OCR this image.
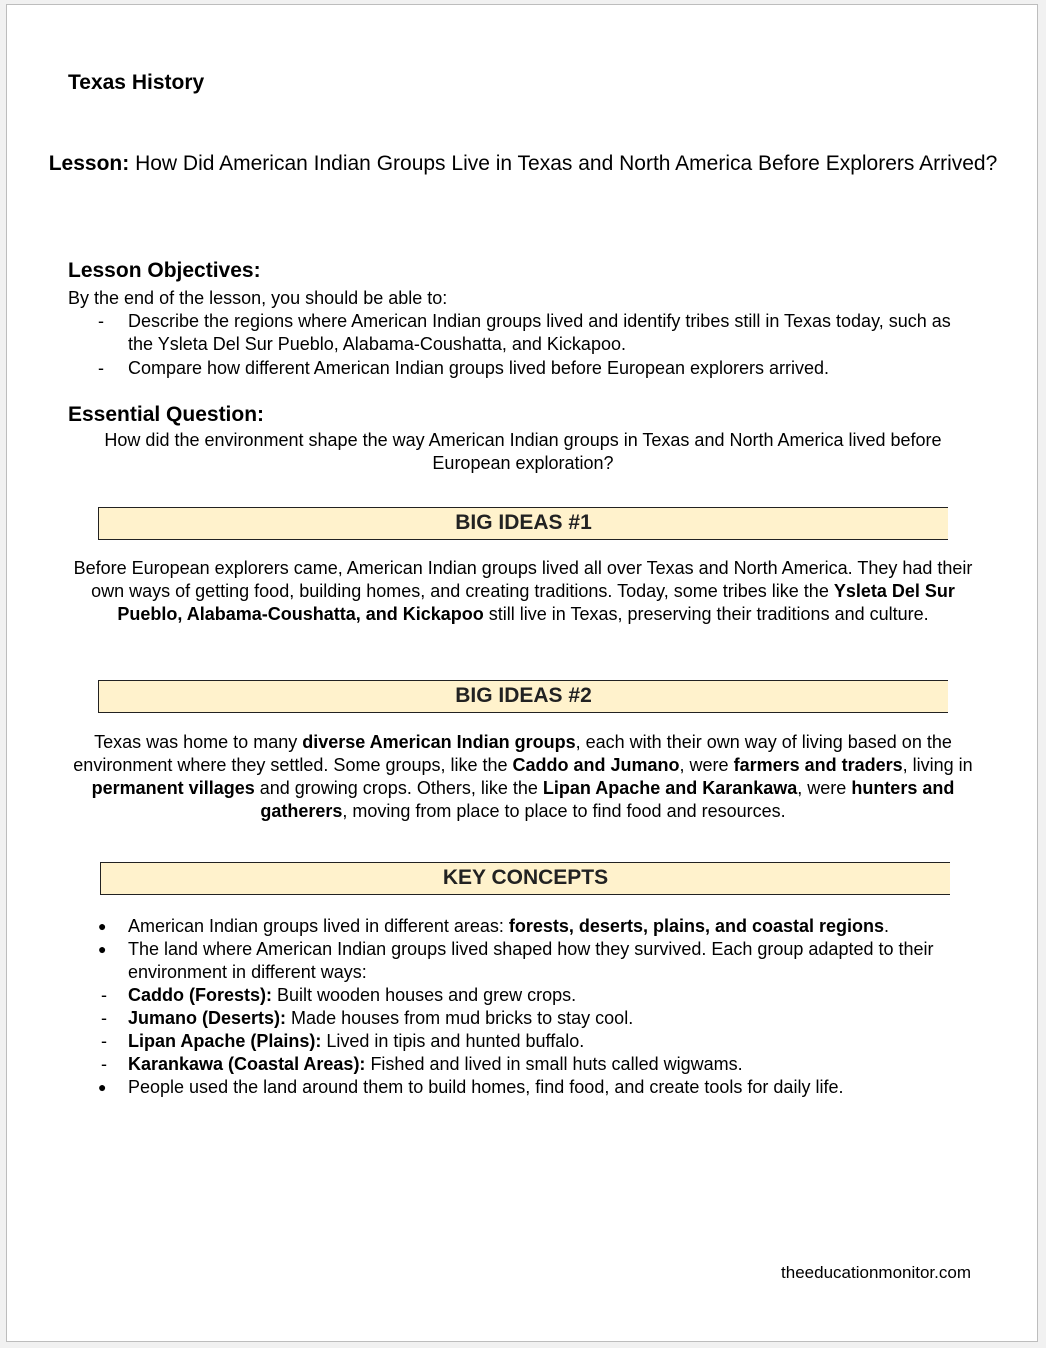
Texas History
Lesson: How Did American Indian Groups Live in Texas and North America Before Explorers Arrived?
Lesson Objectives:
By the end of the lesson, you should be able to:
- Describe the regions where American Indian groups lived and identify tribes still in Texas today, such as the Ysleta Del Sur Pueblo, Alabama-Coushatta, and Kickapoo.
- Compare how different American Indian groups lived before European explorers arrived.
Essential Question:
How did the environment shape the way American Indian groups in Texas and North America lived before European exploration?
BIG IDEAS #1
Before European explorers came, American Indian groups lived all over Texas and North America. They had their own ways of getting food, building homes, and creating traditions. Today, some tribes like the Ysleta Del Sur Pueblo, Alabama-Coushatta, and Kickapoo still live in Texas, preserving their traditions and culture.
BIG IDEAS #2
Texas was home to many diverse American Indian groups, each with their own way of living based on the environment where they settled. Some groups, like the Caddo and Jumano, were farmers and traders, living in permanent villages and growing crops. Others, like the Lipan Apache and Karankawa, were hunters and gatherers, moving from place to place to find food and resources.
KEY CONCEPTS
● American Indian groups lived in different areas: forests, deserts, plains, and coastal regions.
● The land where American Indian groups lived shaped how they survived. Each group adapted to their environment in different ways:
- Caddo (Forests): Built wooden houses and grew crops.
- Jumano (Deserts): Made houses from mud bricks to stay cool.
- Lipan Apache (Plains): Lived in tipis and hunted buffalo.
- Karankawa (Coastal Areas): Fished and lived in small huts called wigwams.
● People used the land around them to build homes, find food, and create tools for daily life.
theeducationmonitor.com
